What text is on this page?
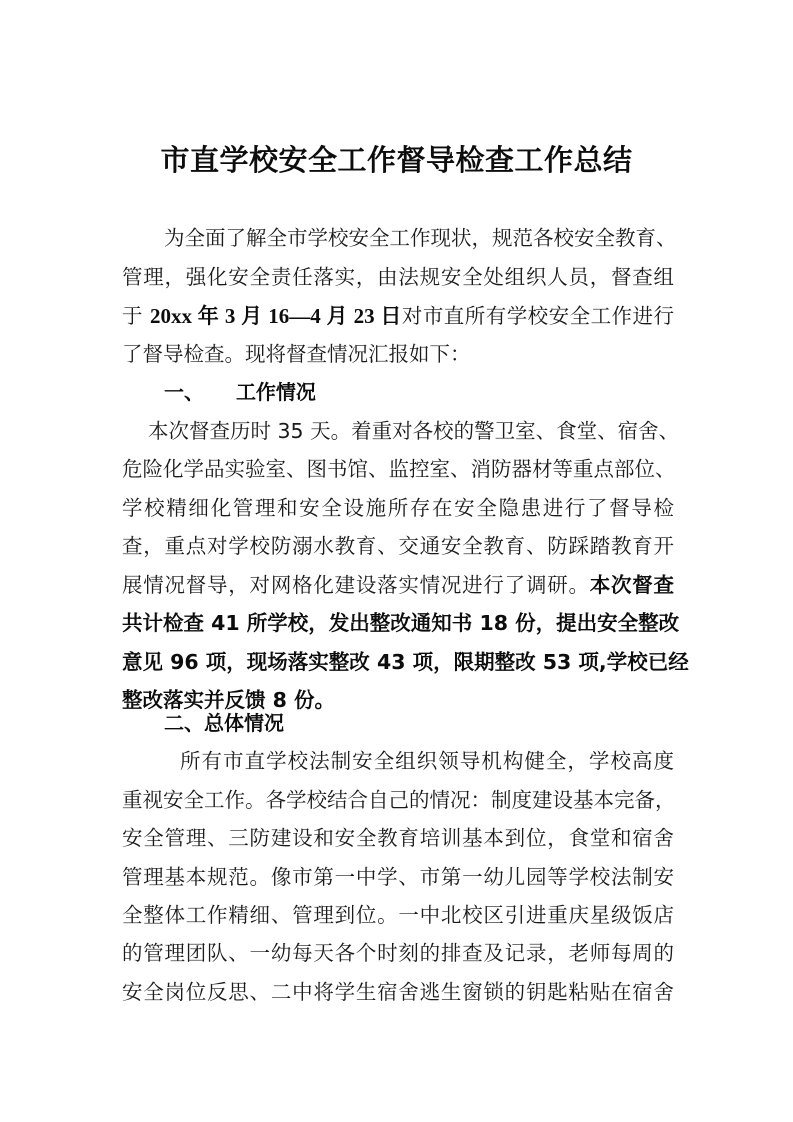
市直学校安全工作督导检查工作总结
为全面了解全市学校安全工作现状，规范各校安全教育、
管理，强化安全责任落实，由法规安全处组织人员，督查组
于 20xx 年 3 月 16—4 月 23 日对市直所有学校安全工作进行
了督导检查。现将督查情况汇报如下：
一、 工作情况
本次督查历时 35 天。着重对各校的警卫室、食堂、宿舍、
危险化学品实验室、图书馆、监控室、消防器材等重点部位、
学校精细化管理和安全设施所存在安全隐患进行了督导检
查，重点对学校防溺水教育、交通安全教育、防踩踏教育开
展情况督导，对网格化建设落实情况进行了调研。本次督查
共计检查 41 所学校，发出整改通知书 18 份，提出安全整改
意见 96 项，现场落实整改 43 项，限期整改 53 项,学校已经
整改落实并反馈 8 份。
二、总体情况
所有市直学校法制安全组织领导机构健全，学校高度
重视安全工作。各学校结合自己的情况：制度建设基本完备，
安全管理、三防建设和安全教育培训基本到位，食堂和宿舍
管理基本规范。像市第一中学、市第一幼儿园等学校法制安
全整体工作精细、管理到位。一中北校区引进重庆星级饭店
的管理团队、一幼每天各个时刻的排查及记录，老师每周的
安全岗位反思、二中将学生宿舍逃生窗锁的钥匙粘贴在宿舍
